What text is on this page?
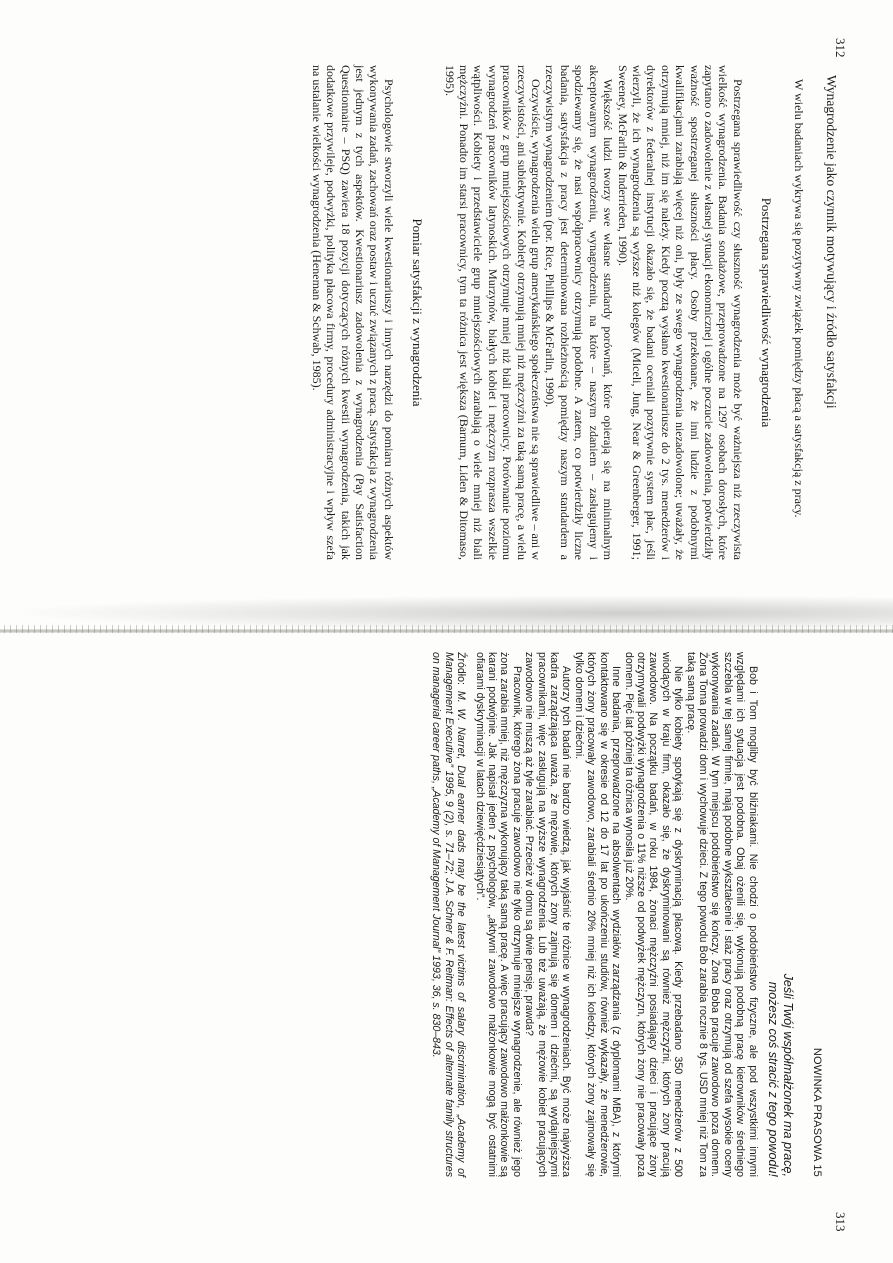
312
Wynagrodzenie jako czynnik motywujący i źródło satysfakcji

W wielu badaniach wykrywa się pozytywny związek pomiędzy płacą a satysfakcją z pracy.

Postrzegana sprawiedliwość wynagrodzenia

Postrzegana sprawiedliwość czy słuszność wynagrodzenia może być ważniejsza niż rzeczywista wielkość wynagrodzenia. Badania sondażowe, przeprowadzone na 1297 osobach dorosłych, które zapytano o zadowolenie z własnej sytuacji ekonomicznej i ogólne poczucie zadowolenia, potwierdziły ważność spostrzeganej słuszności płacy. Osoby przekonane, że inni ludzie z podobnymi kwalifikacjami zarabiają więcej niż oni, były ze swego wynagrodzenia niezadowolone; uważały, że otrzymują mniej, niż im się należy. Kiedy pocztą wysłano kwestionariusze do 2 tys. menedżerów i dyrektorów z federalnej instytucji okazało się, że badani oceniali pozytywnie system płac, jeśli wierzyli, że ich wynagrodzenia są wyższe niż kolegów (Miceli, Jung, Near & Greenberger, 1991; Sweeney, McFarlin & Inderrieden, 1990).

Większość ludzi tworzy swe własne standardy porównań, które opierają się na minimalnym akceptowanym wynagrodzeniu, wynagrodzeniu, na które – naszym zdaniem – zasługujemy i spodziewamy się, że nasi współpracownicy otrzymują podobne. A zatem, co potwierdziły liczne badania, satysfakcja z pracy jest determinowana rozbieżnością pomiędzy naszym standardem a rzeczywistym wynagrodzeniem (por. Rice, Phillips & McFarlin, 1990).

Oczywiście, wynagrodzenia wielu grup amerykańskiego społeczeństwa nie są sprawiedliwe – ani w rzeczywistości, ani subiektywnie. Kobiety otrzymują mniej niż mężczyźni za taką samą pracę, a wielu pracowników z grup mniejszościowych otrzymuje mniej niż biali pracownicy. Porównanie poziomu wynagrodzeń pracowników latynoskich. Murzynów, białych kobiet i mężczyzn rozprasza wszelkie wątpliwości. Kobiety i przedstawiciele grup mniejszościowych zarabiają o wiele mniej niż biali mężczyźni. Ponadto im starsi pracownicy, tym ta różnica jest większa (Barnum, Liden & Ditomaso, 1995).

Pomiar satysfakcji z wynagrodzenia

Psychologowie stworzyli wiele kwestionariuszy i innych narzędzi do pomiaru różnych aspektów wykonywania zadań, zachowań oraz postaw i uczuć związanych z pracą. Satysfakcja z wynagrodzenia jest jednym z tych aspektów. Kwestionariusz zadowolenia z wynagrodzenia (Pay Satisfaction Questionnaire – PSQ) zawiera 18 pozycji dotyczących różnych kwestii wynagrodzenia, takich jak dodatkowe przywileje, podwyżki, polityka płacowa firmy, procedury administracyjne i wpływ szefa na ustalanie wielkości wynagrodzenia (Heneman & Schwab, 1985).

313
NOWINKA PRASOWA 15
Jeśli Twój współmałżonek ma pracę,
możesz coś stracić z tego powodu!

Bob i Tom mogliby być bliźniakami. Nie chodzi o podobieństwo fizyczne, ale pod wszystkimi innymi względami ich sytuacja jest podobna. Obaj ożenili się, wykonują podobną pracę kierowników średniego szczebla w tej samej firmie, mają podobne wykształcenie i staż pracy oraz otrzymują od szefa wysokie oceny wykonywania zadań. W tym miejscu podobieństwo się kończy. Żona Boba pracuje zawodowo poza domem. Żona Toma prowadzi dom i wychowuje dzieci. Z tego powodu Bob zarabia rocznie 8 tys. USD mniej niż Tom za taką samą pracę.

Nie tylko kobiety spotykają się z dyskryminacją płacową. Kiedy przebadano 350 menedżerów z 500 wiodących w kraju firm, okazało się, że dyskryminowani są również mężczyźni, których żony pracują zawodowo. Na początku badań, w roku 1984, żonaci mężczyźni posiadający dzieci i pracujące żony otrzymywali podwyżki wynagrodzenia o 11% niższe od podwyżek mężczyzn, których żony nie pracowały poza domem. Pięć lat później ta różnica wynosiła już 20%.

Inne badania, przeprowadzone na absolwentach wydziałów zarządzania (z dyplomami MBA), z którymi kontaktowano się w okresie od 12 do 17 lat po ukończeniu studiów, również wykazały, że menedżerowie, których żony pracowały zawodowo, zarabiali średnio 20% mniej niż ich koledzy, których żony zajmowały się tylko domem i dziećmi.

Autorzy tych badań nie bardzo wiedzą, jak wyjaśnić te różnice w wynagrodzeniach. Być może najwyższa kadra zarządzająca uważa, że mężowie, których żony zajmują się domem i dziećmi, są wydajniejszymi pracownikami, więc zasługują na wyższe wynagrodzenia. Lub też uważają, że mężowie kobiet pracujących zawodowo nie muszą aż tyle zarabiać. Przecież w domu są dwie pensje, prawda?

Pracownik, którego żona pracuje zawodowo nie tylko otrzymuje mniejsze wynagrodzenie, ale również jego żona zarabia mniej, niż mężczyzna wykonujący taką samą pracę. A więc pracujący zawodowo małżonkowie są karani podwójnie. Jak napisał jeden z psychologów, „aktywni zawodowo małżonkowie mogą być ostatnimi ofiarami dyskryminacji w latach dziewięćdziesiątych”.

Źródło: M. W. Narret, Dual earner dads may be the latest victims of salary discrimination, „Academy of Management Executive” 1995, 9 (2), s. 71–72; J.A. Schner & F. Reitman: Effects of alternate family structures on managerial career paths, „Academy of Management Journal” 1993, 36, s. 830–843.
